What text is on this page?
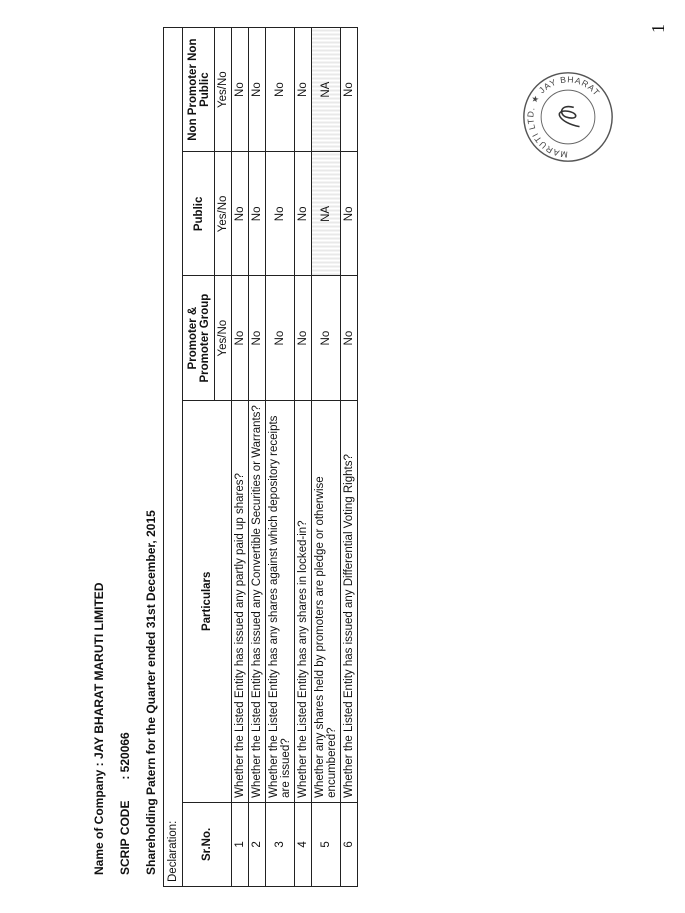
Name of Company : JAY BHARAT MARUTI LIMITED
SCRIP CODE : 520066	Shareholding Patern for the Quarter ended 31st December, 2015
1
Declaration:				
Sr.No.	Particulars	Promoter & Promoter Group	Public	Non Promoter Non Public
		Yes/No	Yes/No	Yes/No
1	Whether the Listed Entity has issued any partly paid up shares?	No	No	No
2	Whether the Listed Entity has issued any Convertible Securities or Warrants?	No	No	No
3	Whether the Listed Entity has any shares against which depository receipts are issued?	No	No	No
4	Whether the Listed Entity has any shares in locked-in?	No	No	No
5	Whether any shares held by promoters are pledge or otherwise encumbered?	No	NA	NA
6	Whether the Listed Entity has issued any Differential Voting Rights?	No	No	No
MARUTI LTD. ★ JAY BHARAT
